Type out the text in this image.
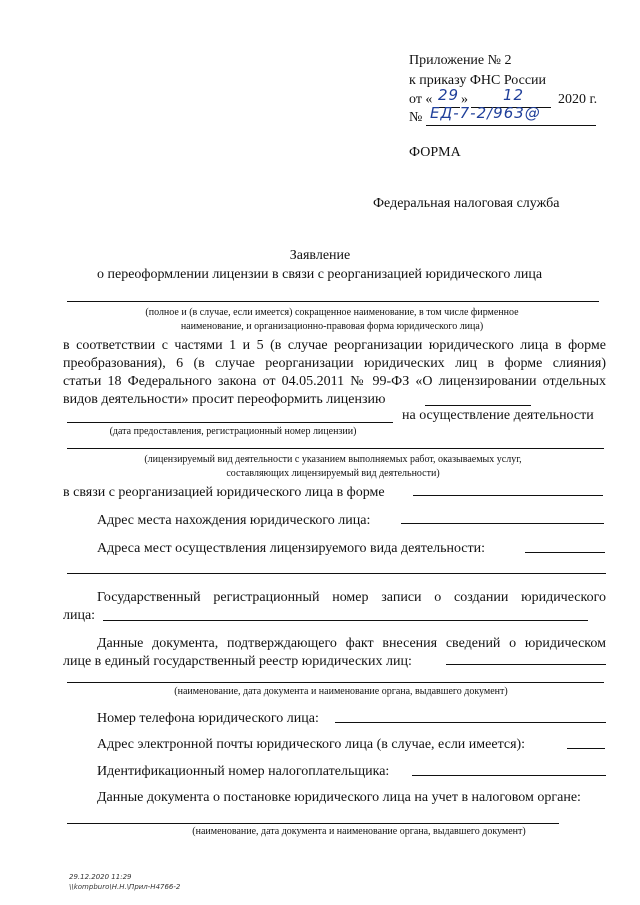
Приложение № 2
к приказу ФНС России
от « 29 » 12 2020 г.
№ ЕД-7-2/963@
ФОРМА
Федеральная налоговая служба
Заявление
о переоформлении лицензии в связи с реорганизацией юридического лица
(полное и (в случае, если имеется) сокращенное наименование, в том числе фирменное
наименование, и организационно-правовая форма юридического лица)
в соответствии с частями 1 и 5 (в случае реорганизации юридического лица в форме
преобразования), 6 (в случае реорганизации юридических лиц в форме слияния)
статьи 18 Федерального закона от 04.05.2011 № 99-ФЗ «О лицензировании отдельных
видов деятельности» просит переоформить лицензию
на осуществление деятельности
(дата предоставления, регистрационный номер лицензии)
(лицензируемый вид деятельности с указанием выполняемых работ, оказываемых услуг,
составляющих лицензируемый вид деятельности)
в связи с реорганизацией юридического лица в форме
Адрес места нахождения юридического лица:
Адреса мест осуществления лицензируемого вида деятельности:
Государственный регистрационный номер записи о создании юридического
лица:
Данные документа, подтверждающего факт внесения сведений о юридическом
лице в единый государственный реестр юридических лиц:
(наименование, дата документа и наименование органа, выдавшего документ)
Номер телефона юридического лица:
Адрес электронной почты юридического лица (в случае, если имеется):
Идентификационный номер налогоплательщика:
Данные документа о постановке юридического лица на учет в налоговом органе:
(наименование, дата документа и наименование органа, выдавшего документ)
29.12.2020 11:29
\\kompburo\Н.Н.\Прил-Н4766-2
